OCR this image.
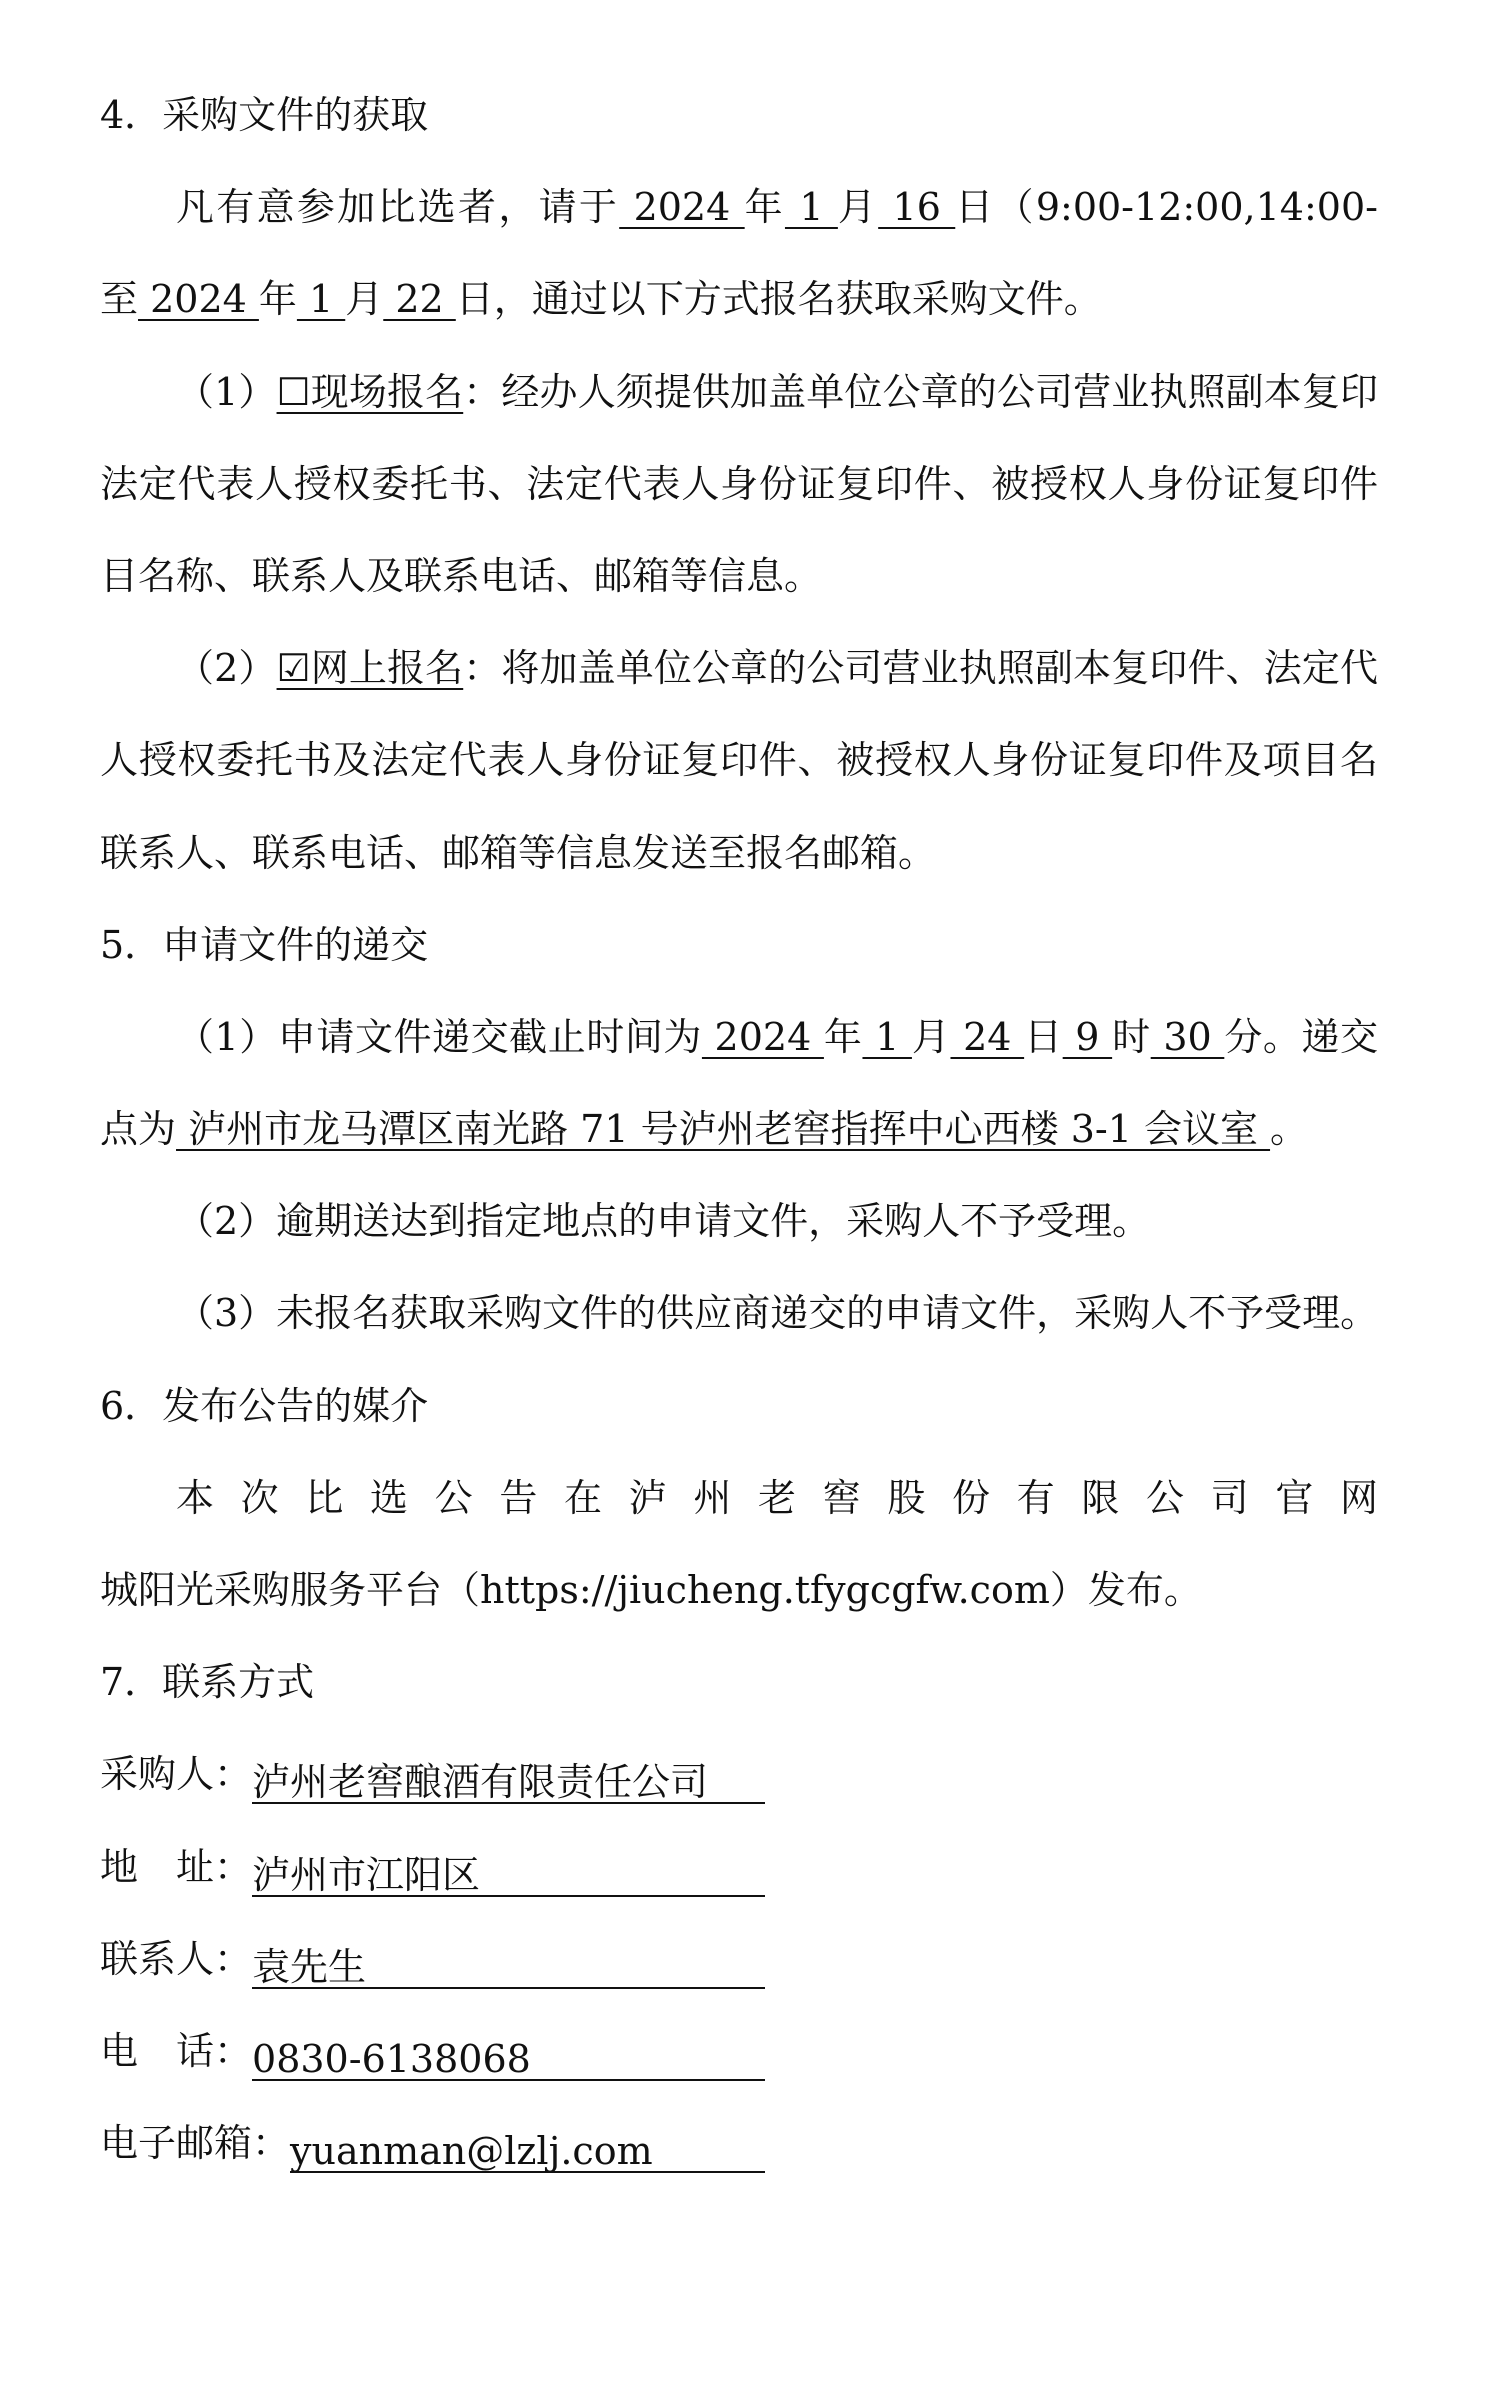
4．采购文件的获取
凡有意参加比选者，请于 2024 年 1 月 16 日（9:00-12:00,14:00-
至 2024 年 1 月 22 日，通过以下方式报名获取采购文件。
（1）☐现场报名：经办人须提供加盖单位公章的公司营业执照副本复印
法定代表人授权委托书、法定代表人身份证复印件、被授权人身份证复印件
目名称、联系人及联系电话、邮箱等信息。
（2）☑网上报名：将加盖单位公章的公司营业执照副本复印件、法定代
人授权委托书及法定代表人身份证复印件、被授权人身份证复印件及项目名
联系人、联系电话、邮箱等信息发送至报名邮箱。
5．申请文件的递交
（1）申请文件递交截止时间为 2024 年 1 月 24 日 9 时 30 分。递交
点为 泸州市龙马潭区南光路 71 号泸州老窖指挥中心西楼 3-1 会议室 。
（2）逾期送达到指定地点的申请文件，采购人不予受理。
（3）未报名获取采购文件的供应商递交的申请文件，采购人不予受理。
6．发布公告的媒介
本次比选公告在泸州老窖股份有限公司官网
城阳光采购服务平台（https://jiucheng.tfygcgfw.com）发布。
7．联系方式
采购人： 泸州老窖酿酒有限责任公司
地　址： 泸州市江阳区
联系人： 袁先生
电　话： 0830-6138068
电子邮箱： yuanman@lzlj.com
